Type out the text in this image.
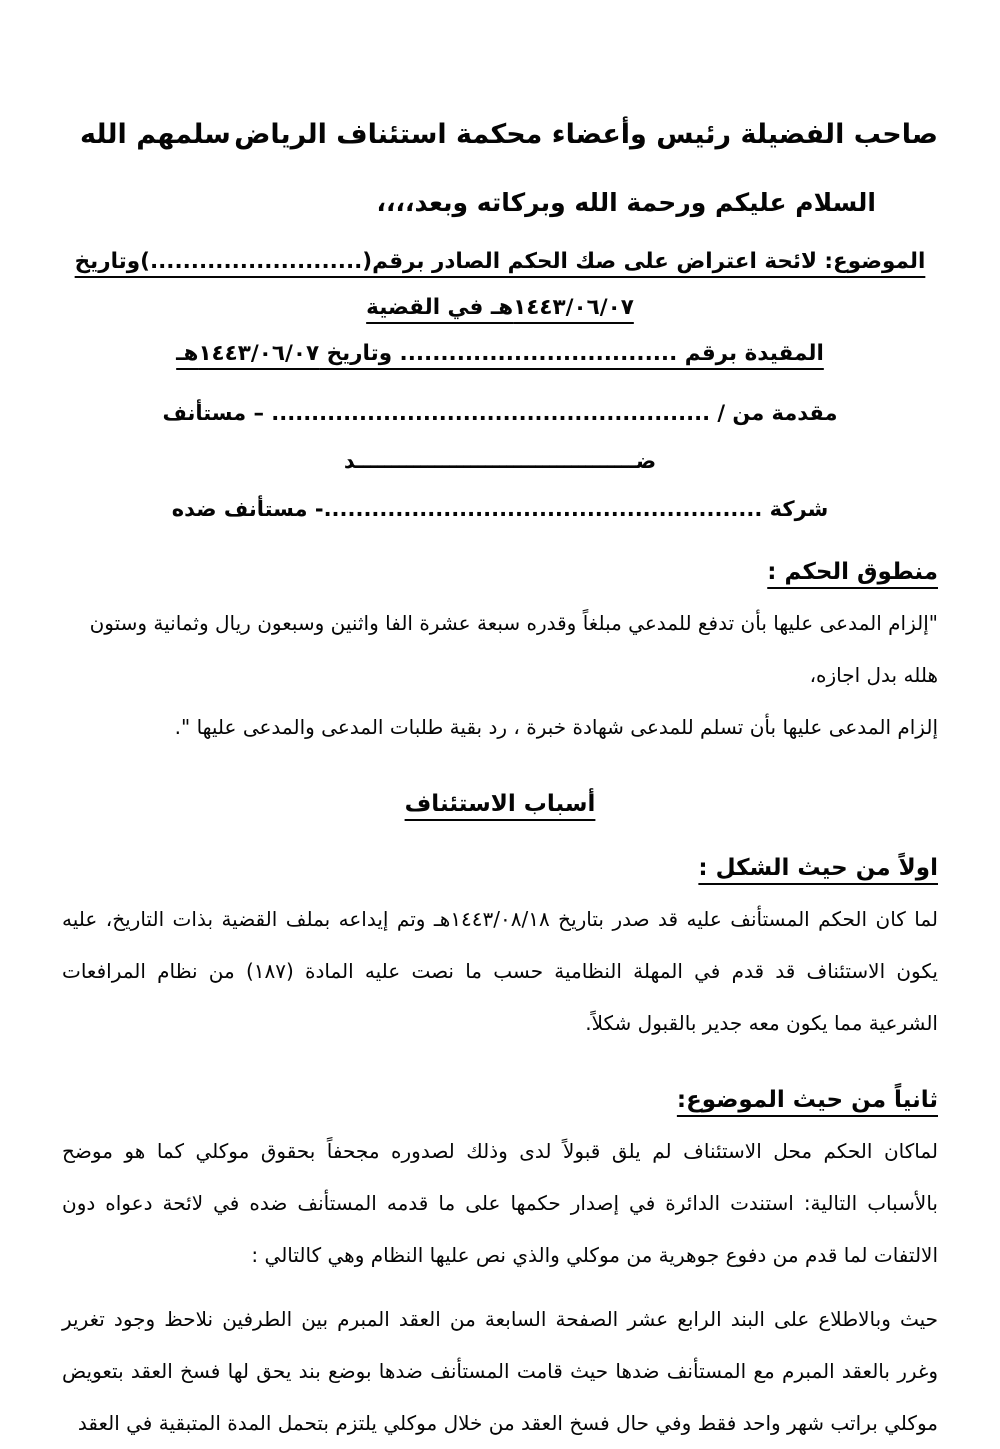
صاحب الفضيلة رئيس وأعضاء محكمة استئناف الرياض
سلمهم الله
السلام عليكم ورحمة الله وبركاته وبعد،،،،
الموضوع: لائحة اعتراض على صك الحكم الصادر برقم(..........................)وتاريخ ١٤٤٣/٠٦/٠٧هـ في القضية
المقيدة برقم .................................. وتاريخ ١٤٤٣/٠٦/٠٧هـ
مقدمة من / ....................................................... – مستأنف
ضـــــــــــــــــــــــــــــــــــــــد
شركة .......................................................- مستأنف ضده
منطوق الحكم :
"إلزام المدعى عليها بأن تدفع للمدعي مبلغاً وقدره سبعة عشرة الفا واثنين وسبعون ريال وثمانية وستون هلله بدل اجازه،
إلزام المدعى عليها بأن تسلم للمدعى شهادة خبرة ، رد بقية طلبات المدعى والمدعى عليها ".
أسباب الاستئناف
اولاً من حيث الشكل :
لما كان الحكم المستأنف عليه قد صدر بتاريخ ١٤٤٣/٠٨/١٨هـ وتم إيداعه بملف القضية بذات التاريخ، عليه يكون الاستئناف قد قدم في المهلة النظامية حسب ما نصت عليه المادة (١٨٧) من نظام المرافعات الشرعية مما يكون معه جدير بالقبول شكلاً.
ثانياً من حيث الموضوع:
لماكان الحكم محل الاستئناف لم يلق قبولاً لدى وذلك لصدوره مجحفاً بحقوق موكلي كما هو موضح بالأسباب التالية: استندت الدائرة في إصدار حكمها على ما قدمه المستأنف ضده في لائحة دعواه دون الالتفات لما قدم من دفوع جوهرية من موكلي والذي نص عليها النظام وهي كالتالي :
حيث وبالاطلاع على البند الرابع عشر الصفحة السابعة من العقد المبرم بين الطرفين نلاحظ وجود تغرير وغرر بالعقد المبرم مع المستأنف ضدها حيث قامت المستأنف ضدها بوضع بند يحق لها فسخ العقد بتعويض موكلي براتب شهر واحد فقط وفي حال فسخ العقد من خلال موكلي يلتزم بتحمل المدة المتبقية في العقد
